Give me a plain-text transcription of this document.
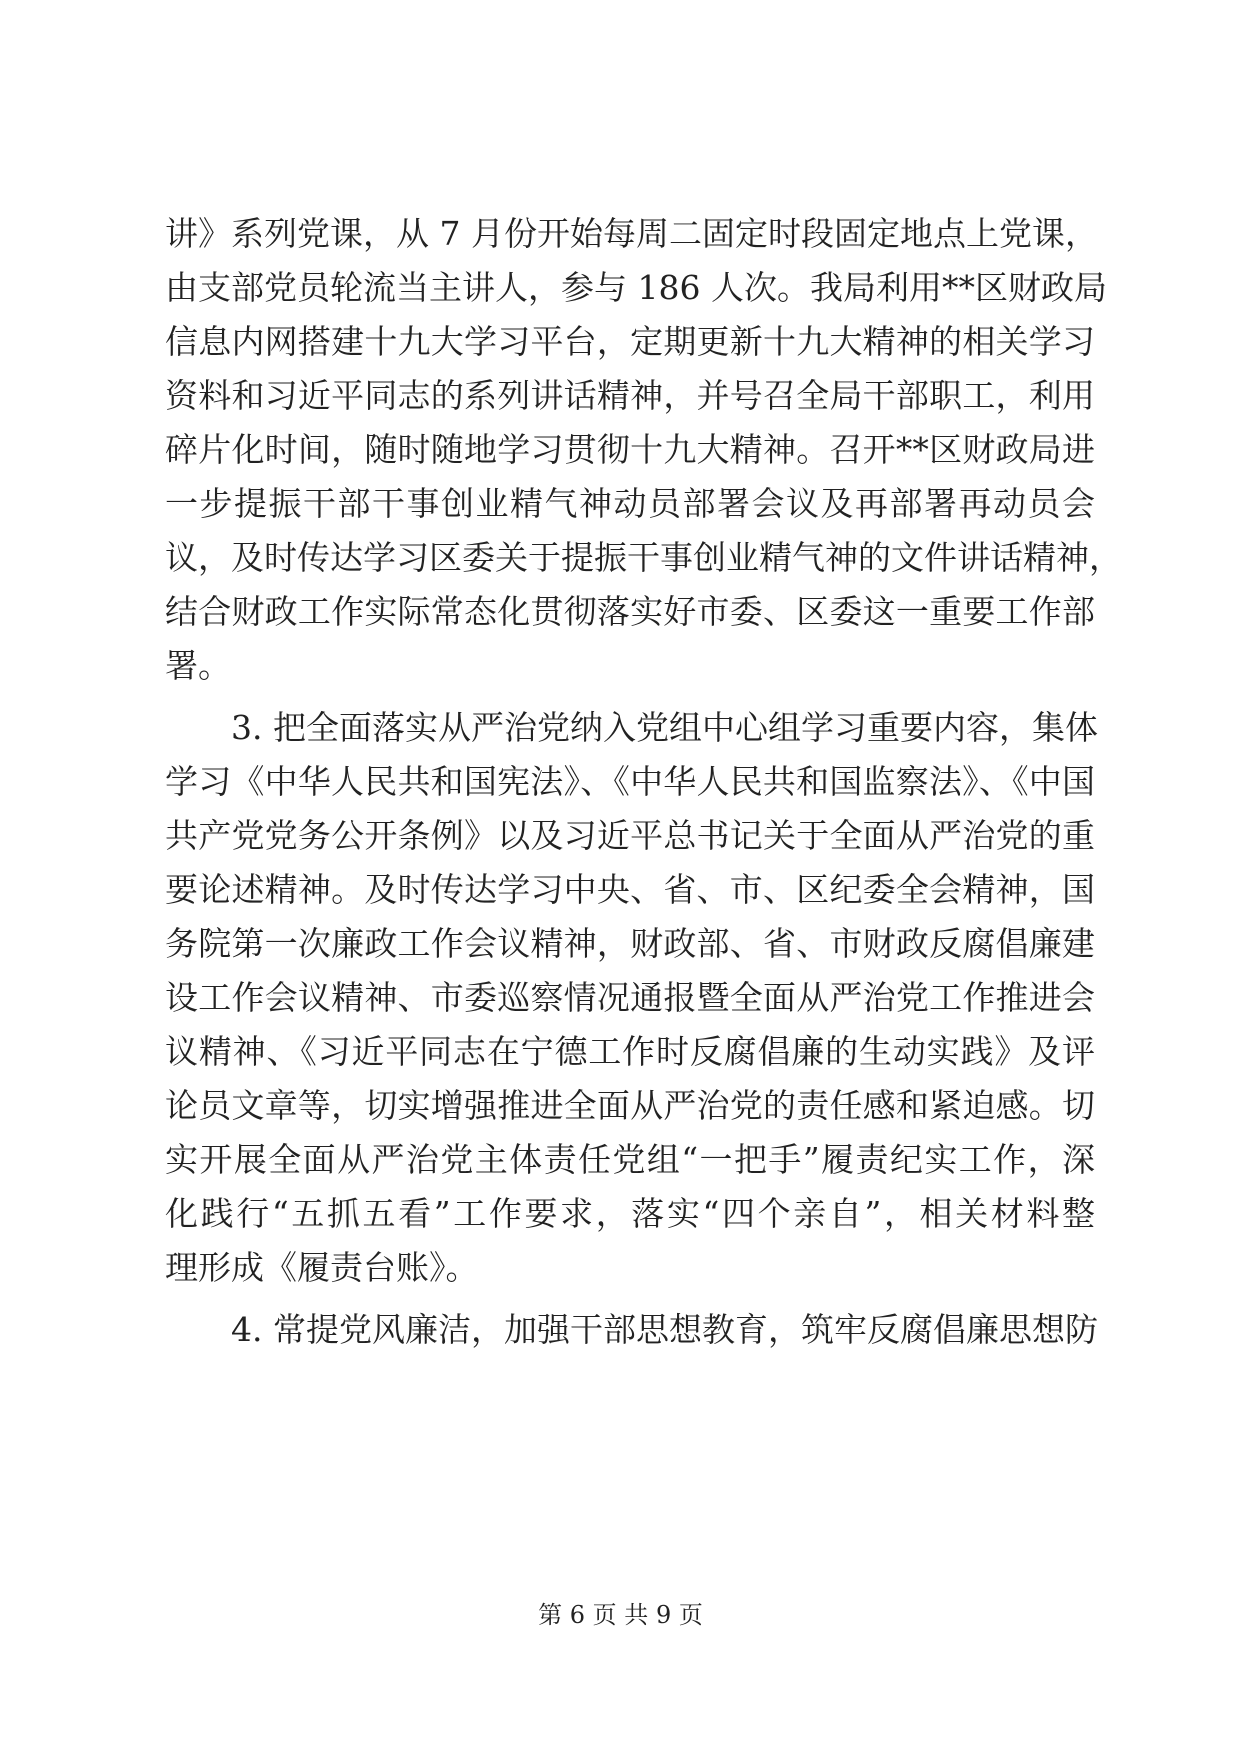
讲》系列党课，从 7 月份开始每周二固定时段固定地点上党课，
由支部党员轮流当主讲人，参与 186 人次。我局利用**区财政局
信息内网搭建十九大学习平台，定期更新十九大精神的相关学习
资料和习近平同志的系列讲话精神，并号召全局干部职工，利用
碎片化时间，随时随地学习贯彻十九大精神。召开**区财政局进
一步提振干部干事创业精气神动员部署会议及再部署再动员会
议，及时传达学习区委关于提振干事创业精气神的文件讲话精神，
结合财政工作实际常态化贯彻落实好市委、区委这一重要工作部
署。
3. 把全面落实从严治党纳入党组中心组学习重要内容，集体
学习《中华人民共和国宪法》、《中华人民共和国监察法》、《中国
共产党党务公开条例》以及习近平总书记关于全面从严治党的重
要论述精神。及时传达学习中央、省、市、区纪委全会精神，国
务院第一次廉政工作会议精神，财政部、省、市财政反腐倡廉建
设工作会议精神、市委巡察情况通报暨全面从严治党工作推进会
议精神、《习近平同志在宁德工作时反腐倡廉的生动实践》及评
论员文章等，切实增强推进全面从严治党的责任感和紧迫感。切
实开展全面从严治党主体责任党组“一把手”履责纪实工作，深
化践行“五抓五看”工作要求，落实“四个亲自”，相关材料整
理形成《履责台账》。
4. 常提党风廉洁，加强干部思想教育，筑牢反腐倡廉思想防
第 6 页 共 9 页
